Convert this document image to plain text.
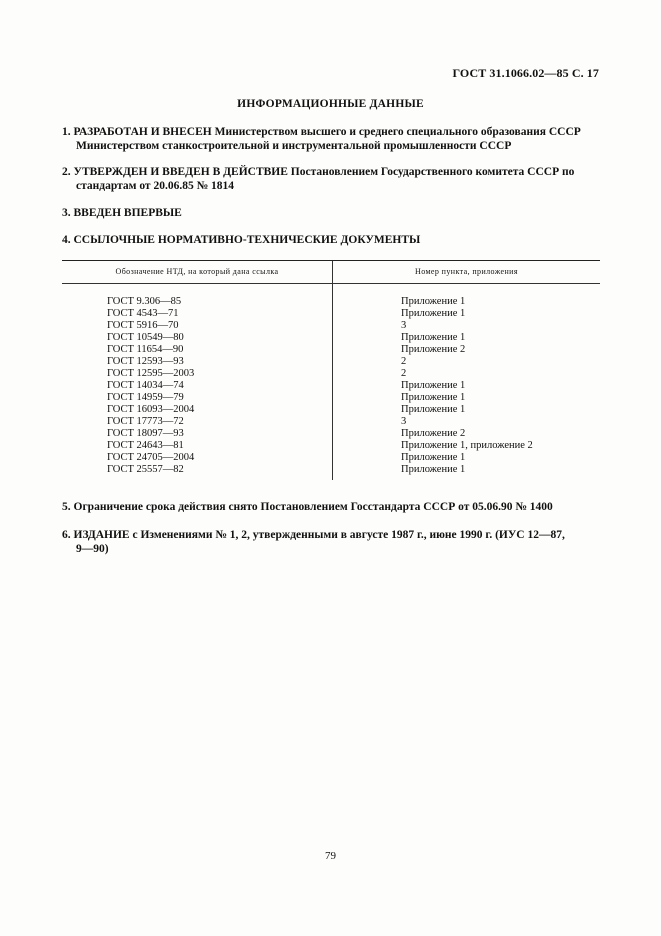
ГОСТ 31.1066.02—85 С. 17
ИНФОРМАЦИОННЫЕ ДАННЫЕ
1. РАЗРАБОТАН И ВНЕСЕН Министерством высшего и среднего специального образования СССР
Министерством станкостроительной и инструментальной промышленности СССР
2. УТВЕРЖДЕН И ВВЕДЕН В ДЕЙСТВИЕ Постановлением Государственного комитета СССР по
стандартам от 20.06.85 № 1814
3. ВВЕДЕН ВПЕРВЫЕ
4. ССЫЛОЧНЫЕ НОРМАТИВНО-ТЕХНИЧЕСКИЕ ДОКУМЕНТЫ
Обозначение НТД, на который дана ссылка	Номер пункта, приложения
ГОСТ 9.306—85
ГОСТ 4543—71
ГОСТ 5916—70
ГОСТ 10549—80
ГОСТ 11654—90
ГОСТ 12593—93
ГОСТ 12595—2003
ГОСТ 14034—74
ГОСТ 14959—79
ГОСТ 16093—2004
ГОСТ 17773—72
ГОСТ 18097—93
ГОСТ 24643—81
ГОСТ 24705—2004
ГОСТ 25557—82
Приложение 1
Приложение 1
3
Приложение 1
Приложение 2
2
2
Приложение 1
Приложение 1
Приложение 1
3
Приложение 2
Приложение 1, приложение 2
Приложение 1
Приложение 1
5. Ограничение срока действия снято Постановлением Госстандарта СССР от 05.06.90 № 1400
6. ИЗДАНИЕ с Изменениями № 1, 2, утвержденными в августе 1987 г., июне 1990 г. (ИУС 12—87,
9—90)
79
